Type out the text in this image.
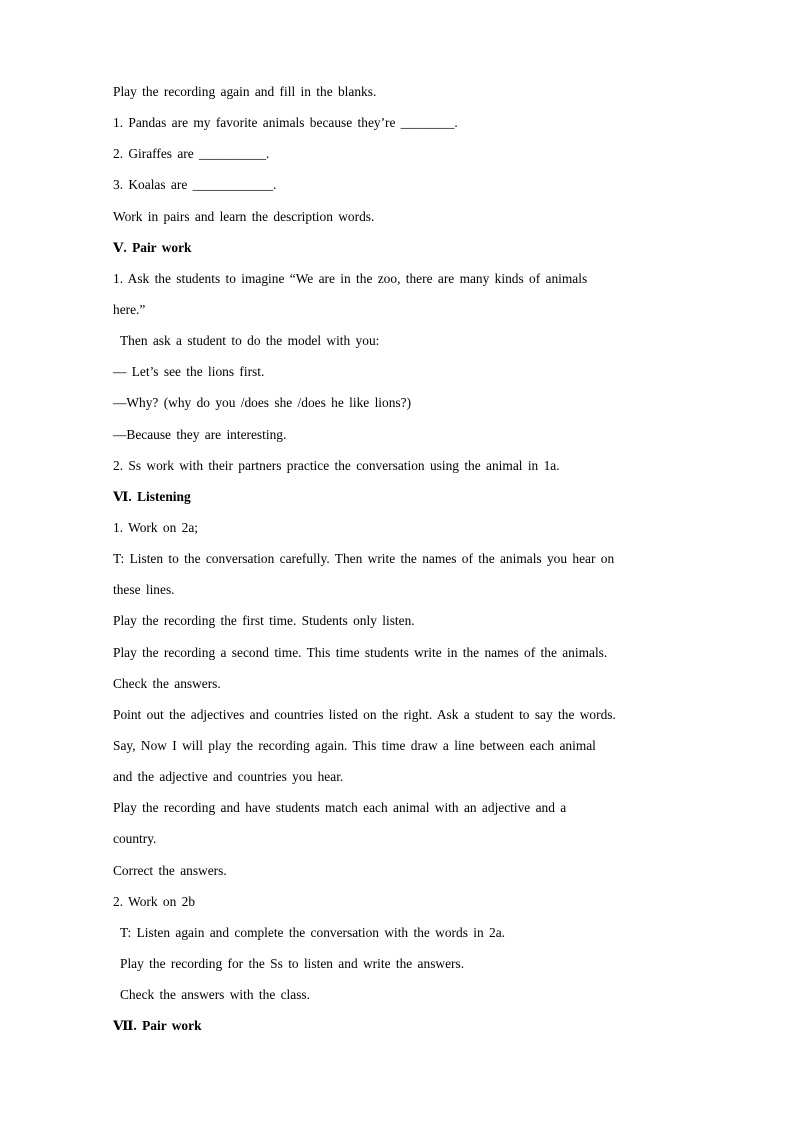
Play the recording again and fill in the blanks.
1. Pandas are my favorite animals because they’re ________.
2. Giraffes are __________.
3. Koalas are ____________.
Work in pairs and learn the description words.
Ⅴ. Pair work
1. Ask the students to imagine “We are in the zoo, there are many kinds of animals
here.”
Then ask a student to do the model with you:
— Let’s see the lions first.
—Why? (why do you /does she /does he like lions?)
—Because they are interesting.
2. Ss work with their partners practice the conversation using the animal in 1a.
Ⅵ. Listening
1. Work on 2a;
T: Listen to the conversation carefully. Then write the names of the animals you hear on
these lines.
Play the recording the first time. Students only listen.
Play the recording a second time. This time students write in the names of the animals.
Check the answers.
Point out the adjectives and countries listed on the right. Ask a student to say the words.
Say, Now I will play the recording again. This time draw a line between each animal
and the adjective and countries you hear.
Play the recording and have students match each animal with an adjective and a
country.
Correct the answers.
2. Work on 2b
T: Listen again and complete the conversation with the words in 2a.
Play the recording for the Ss to listen and write the answers.
Check the answers with the class.
Ⅶ. Pair work
